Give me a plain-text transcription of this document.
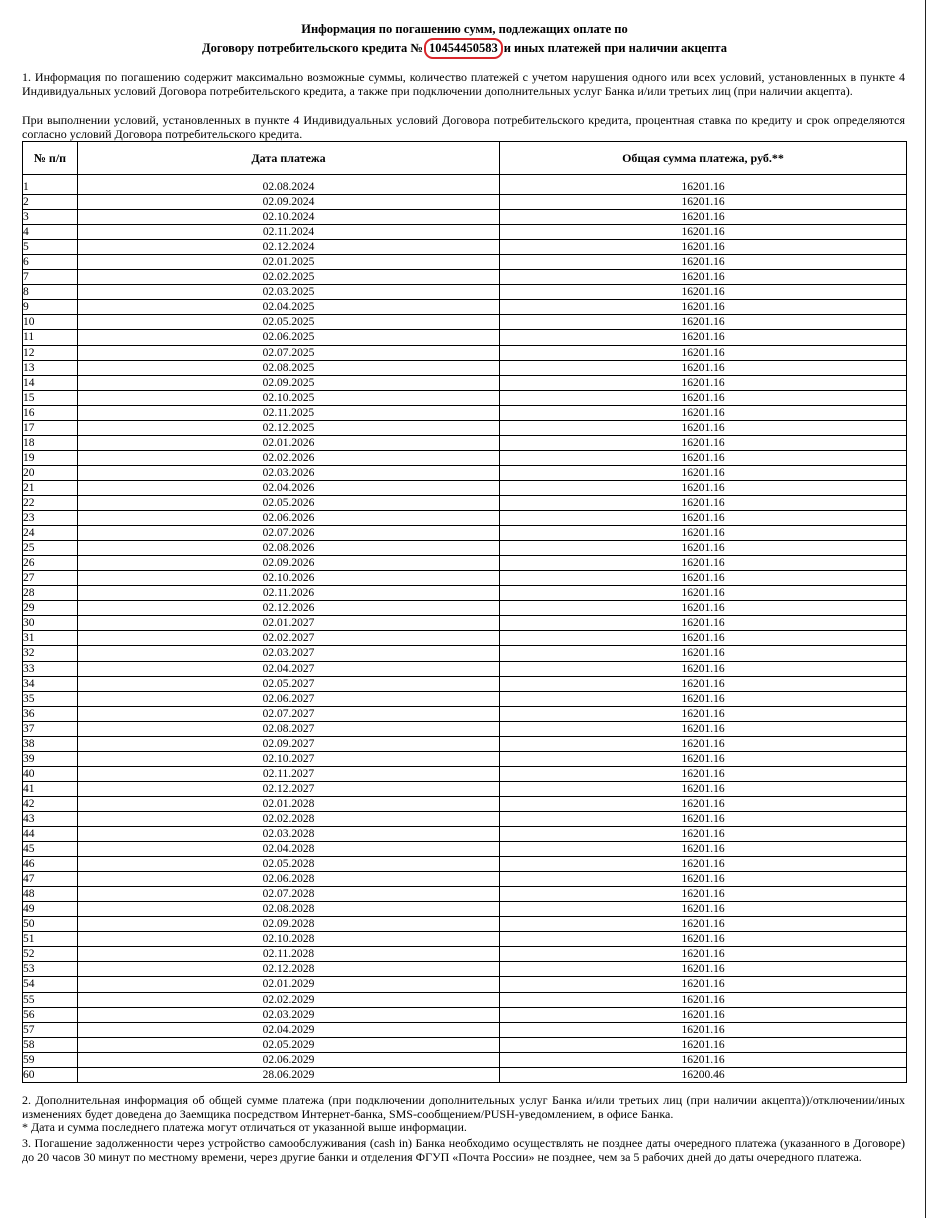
Информация по погашению сумм, подлежащих оплате по
Договору потребительского кредита № 10454450583 и иных платежей при наличии акцепта
1. Информация по погашению содержит максимально возможные суммы, количество платежей с учетом нарушения одного или всех условий, установленных в пункте 4 Индивидуальных условий Договора потребительского кредита, а также при подключении дополнительных услуг Банка и/или третьих лиц (при наличии акцепта).
При выполнении условий, установленных в пункте 4 Индивидуальных условий Договора потребительского кредита, процентная ставка по кредиту и срок определяются согласно условий Договора потребительского кредита.
№ п/п	Дата платежа	Общая сумма платежа, руб.**

1	02.08.2024	16201.16
2	02.09.2024	16201.16
3	02.10.2024	16201.16
4	02.11.2024	16201.16
5	02.12.2024	16201.16
6	02.01.2025	16201.16
7	02.02.2025	16201.16
8	02.03.2025	16201.16
9	02.04.2025	16201.16
10	02.05.2025	16201.16
11	02.06.2025	16201.16
12	02.07.2025	16201.16
13	02.08.2025	16201.16
14	02.09.2025	16201.16
15	02.10.2025	16201.16
16	02.11.2025	16201.16
17	02.12.2025	16201.16
18	02.01.2026	16201.16
19	02.02.2026	16201.16
20	02.03.2026	16201.16
21	02.04.2026	16201.16
22	02.05.2026	16201.16
23	02.06.2026	16201.16
24	02.07.2026	16201.16
25	02.08.2026	16201.16
26	02.09.2026	16201.16
27	02.10.2026	16201.16
28	02.11.2026	16201.16
29	02.12.2026	16201.16
30	02.01.2027	16201.16
31	02.02.2027	16201.16
32	02.03.2027	16201.16
33	02.04.2027	16201.16
34	02.05.2027	16201.16
35	02.06.2027	16201.16
36	02.07.2027	16201.16
37	02.08.2027	16201.16
38	02.09.2027	16201.16
39	02.10.2027	16201.16
40	02.11.2027	16201.16
41	02.12.2027	16201.16
42	02.01.2028	16201.16
43	02.02.2028	16201.16
44	02.03.2028	16201.16
45	02.04.2028	16201.16
46	02.05.2028	16201.16
47	02.06.2028	16201.16
48	02.07.2028	16201.16
49	02.08.2028	16201.16
50	02.09.2028	16201.16
51	02.10.2028	16201.16
52	02.11.2028	16201.16
53	02.12.2028	16201.16
54	02.01.2029	16201.16
55	02.02.2029	16201.16
56	02.03.2029	16201.16
57	02.04.2029	16201.16
58	02.05.2029	16201.16
59	02.06.2029	16201.16
60	28.06.2029	16200.46
2. Дополнительная информация об общей сумме платежа (при подключении дополнительных услуг Банка и/или третьих лиц (при наличии акцепта))/отключении/иных изменениях будет доведена до Заемщика посредством Интернет-банка, SMS-сообщением/PUSH-уведомлением, в офисе Банка.
* Дата и сумма последнего платежа могут отличаться от указанной выше информации.
3. Погашение задолженности через устройство самообслуживания (cash in) Банка необходимо осуществлять не позднее даты очередного платежа (указанного в Договоре) до 20 часов 30 минут по местному времени, через другие банки и отделения ФГУП «Почта России» не позднее, чем за 5 рабочих дней до даты очередного платежа.
